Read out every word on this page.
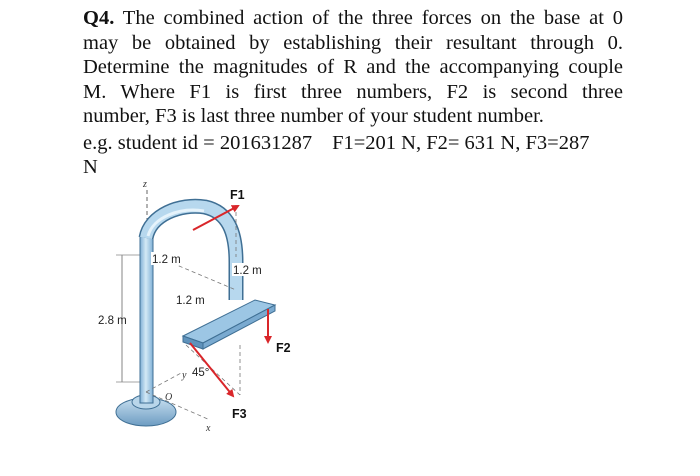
Q4. The combined action of the three forces on the base at 0
may be obtained by establishing their resultant through 0.
Determine the magnitudes of R and the accompanying couple
M. Where F1 is first three numbers, F2 is second three
number, F3 is last three number of your student number.
e.g. student id = 201631287 F1=201 N, F2= 631 N, F3=287
N
z
2.8 m
1.2 m
1.2 m
1.2 m
F1
F2
F3
45°
y
x
O
